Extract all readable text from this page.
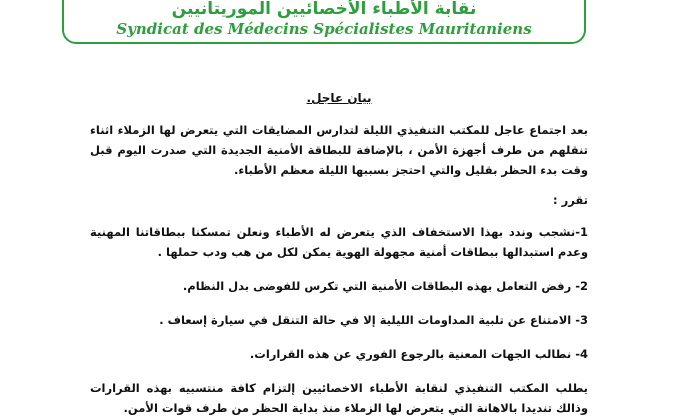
نقابة الأطباء الأخصائيين الموريتانيين
Syndicat des Médecins Spécialistes Mauritaniens
بيان عاجل.
بعد اجتماع عاجل للمكتب التنفيذي الليلة لتدارس المضايقات التي يتعرض لها الزملاء اثناء تنقلهم من طرف أجهزة الأمن ، بالإضافة للبطاقة الأمنية الجديدة التي صدرت اليوم قبل وقت بدء الحظر بقليل والتي احتجز بسببها الليلة معظم الأطباء.
تقرر :
1-نشجب وندد بهذا الاستخفاف الذي يتعرض له الأطباء ونعلن تمسكنا ببطاقاتنا المهنية وعدم استبدالها ببطاقات أمنية مجهولة الهوية يمكن لكل من هب ودب حملها .
2- رفض التعامل بهذه البطاقات الأمنية التي تكرس للفوضى بدل النظام.
3- الامتناع عن تلبية المداومات الليلية إلا في حالة التنقل في سيارة إسعاف .
4- نطالب الجهات المعنية بالرجوع الفوري عن هذه القرارات.
يطلب المكتب التنفيذي لنقابة الأطباء الاخصائيين إلتزام كافة منتسبيه بهذه القرارات وذالك تنديدا بالاهانة التي يتعرض لها الزملاء منذ بداية الحظر من طرف قوات الأمن.
